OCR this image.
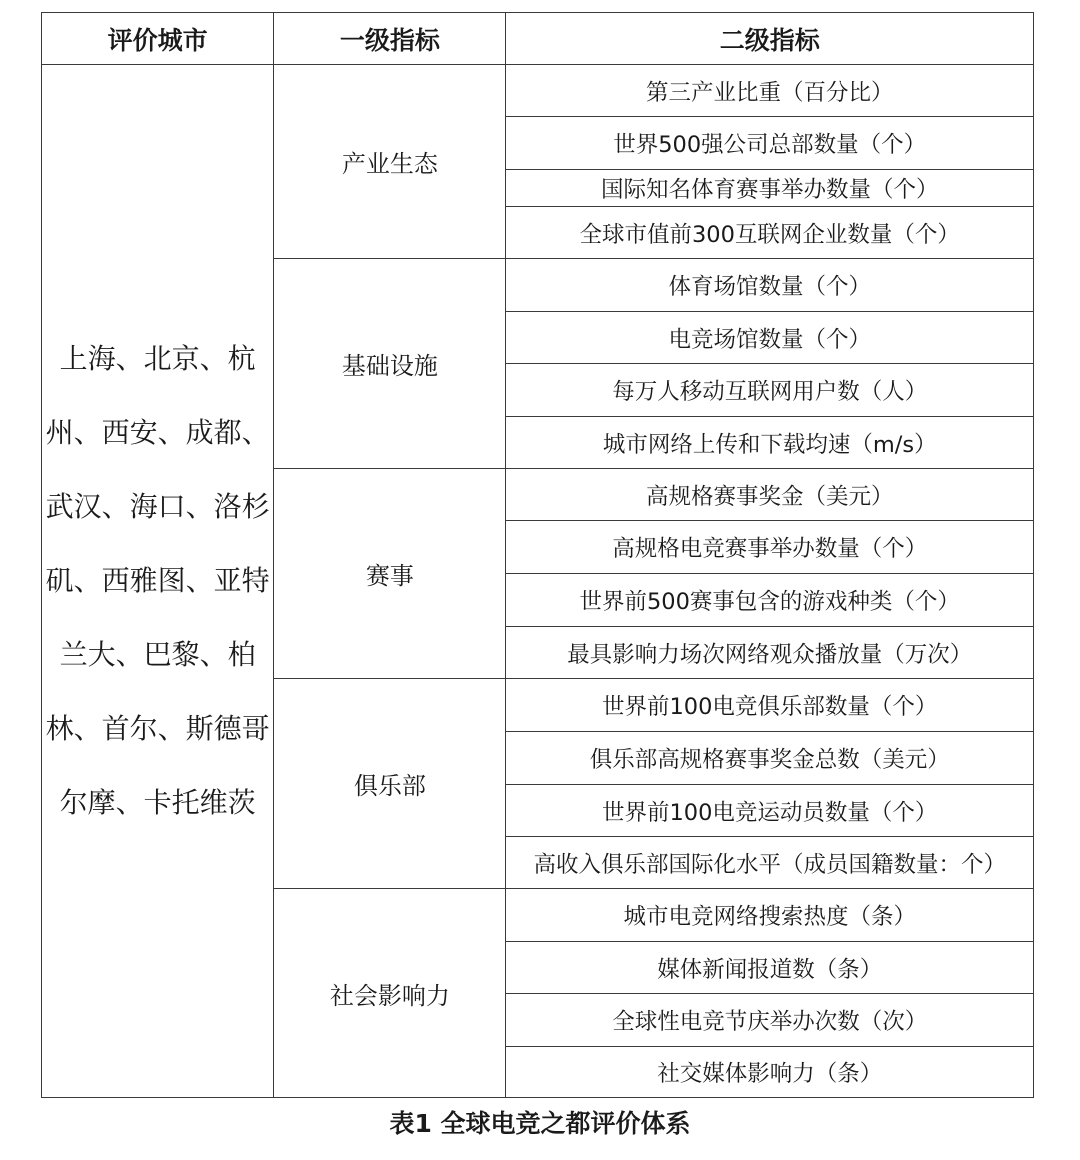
评价城市	一级指标	二级指标
上海、北京、杭州、西安、成都、武汉、海口、洛杉矶、西雅图、亚特兰大、巴黎、柏林、首尔、斯德哥尔摩、卡托维茨	产业生态	第三产业比重（百分比）
		世界500强公司总部数量（个）
		国际知名体育赛事举办数量（个）
		全球市值前300互联网企业数量（个）
	基础设施	体育场馆数量（个）
		电竞场馆数量（个）
		每万人移动互联网用户数（人）
		城市网络上传和下载均速（m/s）
	赛事	高规格赛事奖金（美元）
		高规格电竞赛事举办数量（个）
		世界前500赛事包含的游戏种类（个）
		最具影响力场次网络观众播放量（万次）
	俱乐部	世界前100电竞俱乐部数量（个）
		俱乐部高规格赛事奖金总数（美元）
		世界前100电竞运动员数量（个）
		高收入俱乐部国际化水平（成员国籍数量：个）
	社会影响力	城市电竞网络搜索热度（条）
		媒体新闻报道数（条）
		全球性电竞节庆举办次数（次）
		社交媒体影响力（条）
表1 全球电竞之都评价体系
